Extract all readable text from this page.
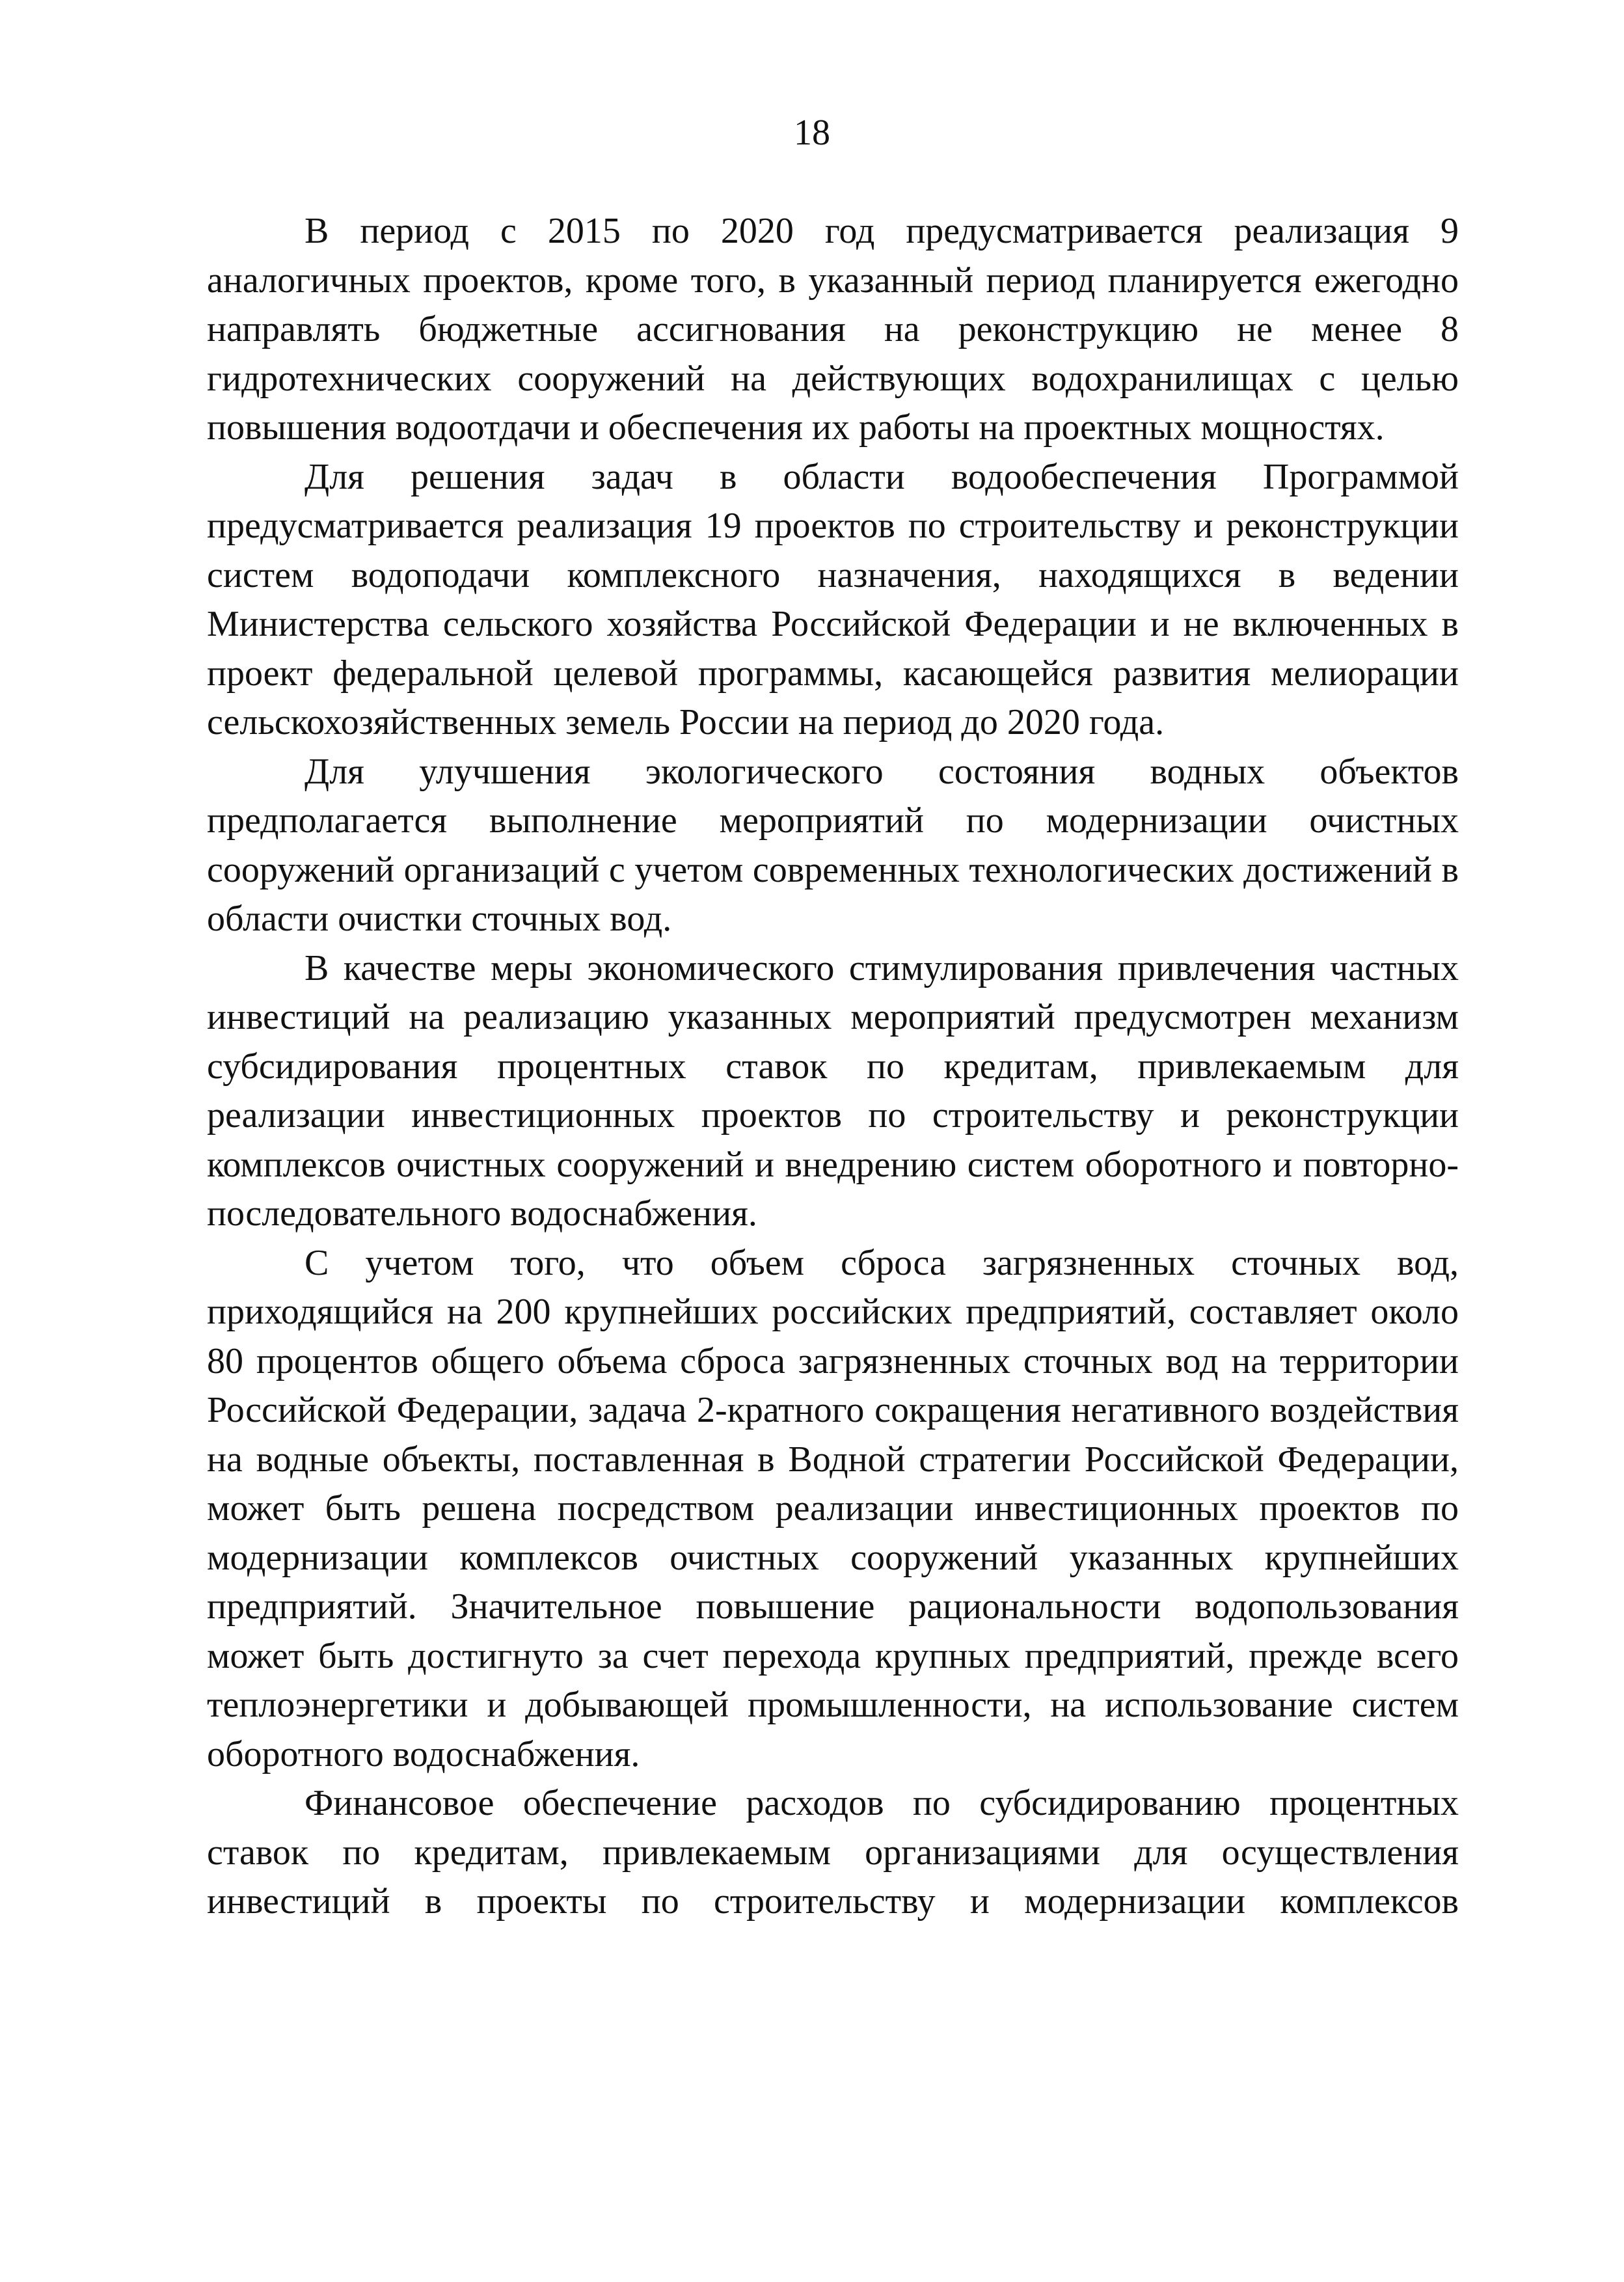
18

В период с 2015 по 2020 год предусматривается реализация 9 аналогичных проектов, кроме того, в указанный период планируется ежегодно направлять бюджетные ассигнования на реконструкцию не менее 8 гидротехнических сооружений на действующих водохранилищах с целью повышения водоотдачи и обеспечения их работы на проектных мощностях.

Для решения задач в области водообеспечения Программой предусматривается реализация 19 проектов по строительству и реконструкции систем водоподачи комплексного назначения, находящихся в ведении Министерства сельского хозяйства Российской Федерации и не включенных в проект федеральной целевой программы, касающейся развития мелиорации сельскохозяйственных земель России на период до 2020 года.

Для улучшения экологического состояния водных объектов предполагается выполнение мероприятий по модернизации очистных сооружений организаций с учетом современных технологических достижений в области очистки сточных вод.

В качестве меры экономического стимулирования привлечения частных инвестиций на реализацию указанных мероприятий предусмотрен механизм субсидирования процентных ставок по кредитам, привлекаемым для реализации инвестиционных проектов по строительству и реконструкции комплексов очистных сооружений и внедрению систем оборотного и повторно-последовательного водоснабжения.

С учетом того, что объем сброса загрязненных сточных вод, приходящийся на 200 крупнейших российских предприятий, составляет около 80 процентов общего объема сброса загрязненных сточных вод на территории Российской Федерации, задача 2-кратного сокращения негативного воздействия на водные объекты, поставленная в Водной стратегии Российской Федерации, может быть решена посредством реализации инвестиционных проектов по модернизации комплексов очистных сооружений указанных крупнейших предприятий. Значительное повышение рациональности водопользования может быть достигнуто за счет перехода крупных предприятий, прежде всего теплоэнергетики и добывающей промышленности, на использование систем оборотного водоснабжения.

Финансовое обеспечение расходов по субсидированию процентных ставок по кредитам, привлекаемым организациями для осуществления инвестиций в проекты по строительству и модернизации комплексов
